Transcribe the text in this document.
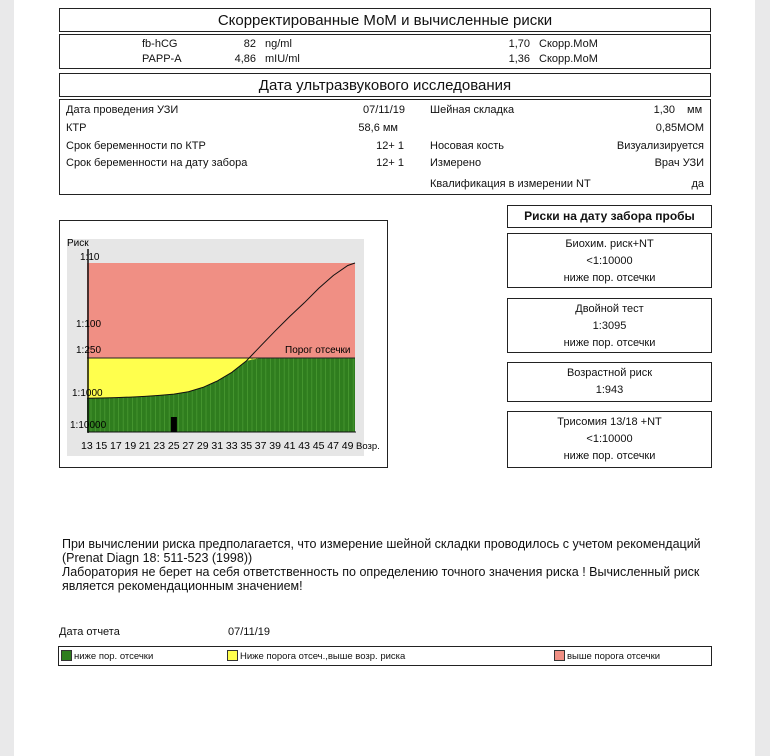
Скорректированные МоМ и вычисленные риски
fb-hCG	82 ng/ml	1,70 Скорр.МоМ
PAPP-A	4,86 mIU/ml	1,36 Скорр.МоМ
Дата ультразвукового исследования
Дата проведения УЗИ	07/11/19
КТР	58,6 мм
Срок беременности по КТР	12+ 1
Срок беременности на дату забора	12+ 1
Шейная складка	1,30 мм
0,85МОМ
Носовая кость	Визуализируется
Измерено	Врач УЗИ
Квалификация в измерении NT	да
Риск
1:10
1:100
1:250
1:1000
1:10000
Порог отсечки
13 15 17 19 21 23 25 27 29 31 33 35 37 39 41 43 45 47 49 Возр.
Риски на дату забора пробы
Биохим. риск+NT
<1:10000
ниже пор. отсечки
Двойной тест
1:3095
ниже пор. отсечки
Возрастной риск
1:943
Трисомия 13/18 +NT
<1:10000
ниже пор. отсечки
При вычислении риска предполагается, что измерение шейной складки проводилось с учетом рекомендаций
(Prenat Diagn 18: 511-523 (1998))
Лаборатория не берет на себя ответственность по определению точного значения риска ! Вычисленный риск
является рекомендационным значением!
Дата отчета	07/11/19
ниже пор. отсечки	Ниже порога отсеч.,выше возр. риска	выше порога отсечки
